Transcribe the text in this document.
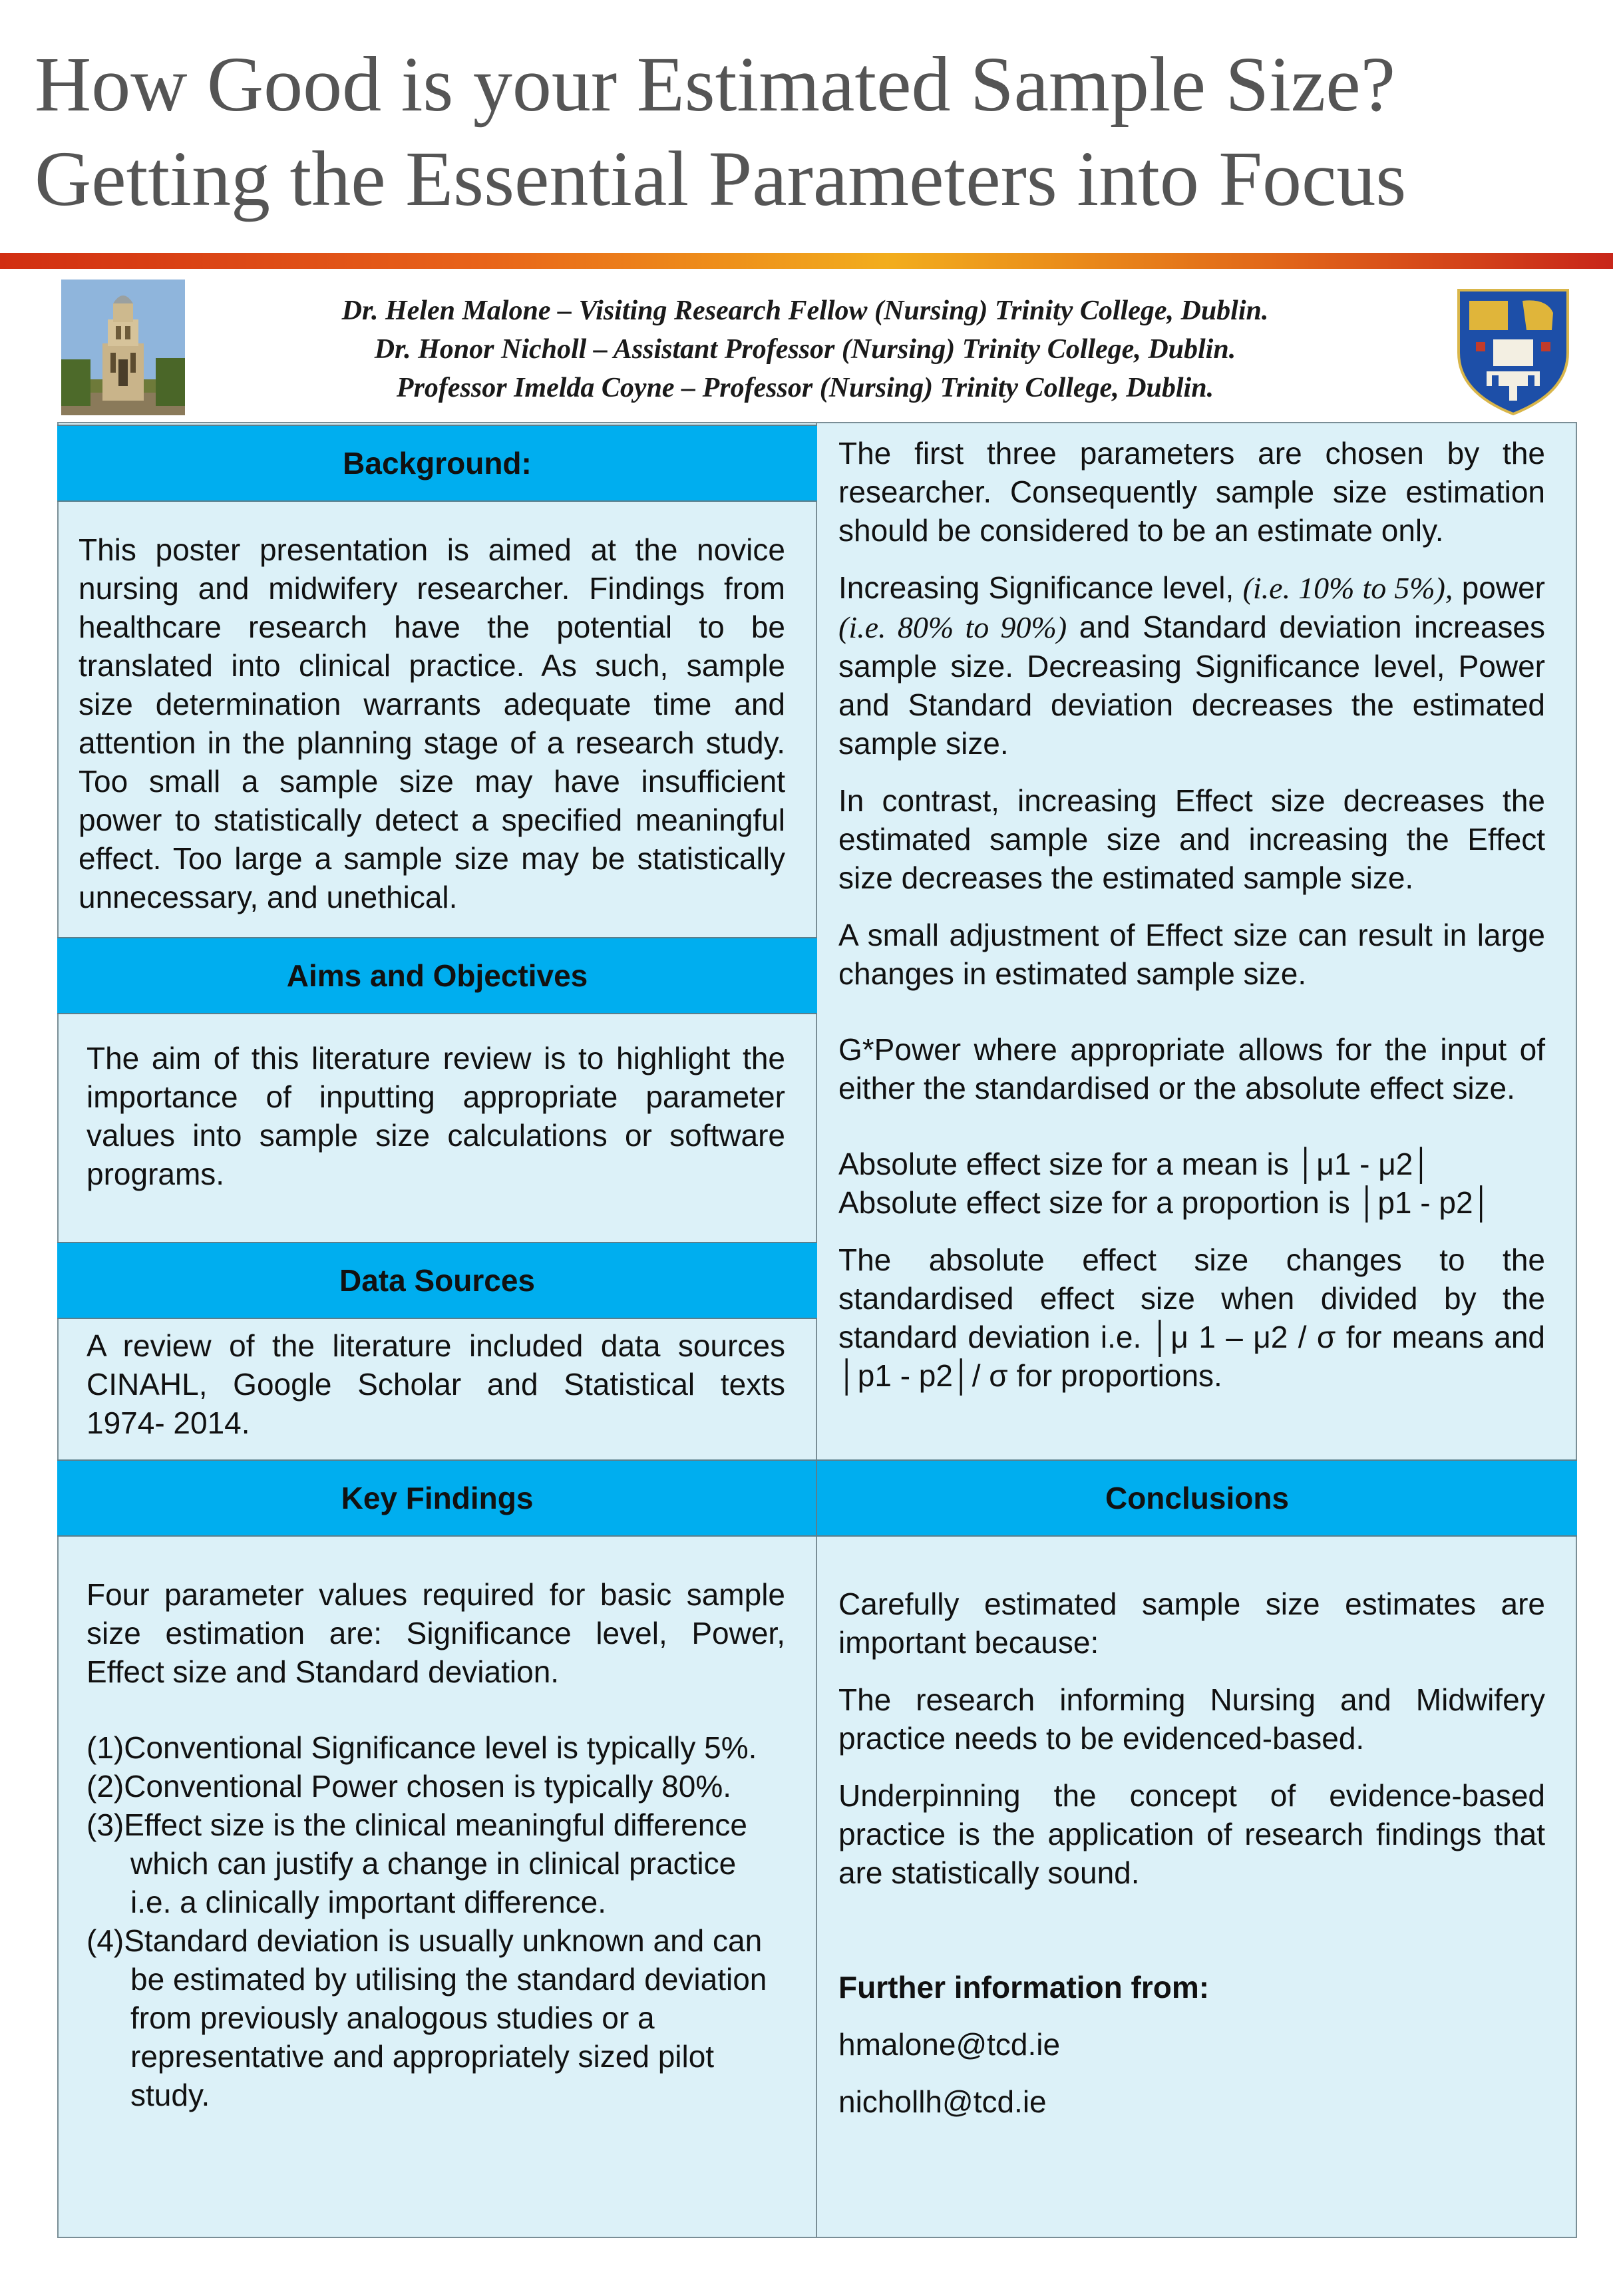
How Good is your Estimated Sample Size?
Getting the Essential Parameters into Focus
Dr. Helen Malone – Visiting Research Fellow (Nursing) Trinity College, Dublin.
Dr. Honor Nicholl – Assistant Professor (Nursing) Trinity College, Dublin.
Professor Imelda Coyne – Professor (Nursing) Trinity College, Dublin.
Background:

This poster presentation is aimed at the novice nursing and midwifery researcher. Findings from healthcare research have the potential to be translated into clinical practice. As such, sample size determination warrants adequate time and attention in the planning stage of a research study. Too small a sample size may have insufficient power to statistically detect a specified meaningful effect. Too large a sample size may be statistically unnecessary, and unethical.

Aims and Objectives

The aim of this literature review is to highlight the importance of inputting appropriate parameter values into sample size calculations or software programs.

Data Sources

A review of the literature included data sources CINAHL, Google Scholar and Statistical texts 1974- 2014.

The first three parameters are chosen by the researcher. Consequently sample size estimation should be considered to be an estimate only.

Increasing Significance level, (i.e. 10% to 5%), power (i.e. 80% to 90%) and Standard deviation increases sample size. Decreasing Significance level, Power and Standard deviation decreases the estimated sample size.

In contrast, increasing Effect size decreases the estimated sample size and increasing the Effect size decreases the estimated sample size.

A small adjustment of Effect size can result in large changes in estimated sample size.

G*Power where appropriate allows for the input of either the standardised or the absolute effect size.

Absolute effect size for a mean is │μ1 - μ2│

Absolute effect size for a proportion is │p1 - p2│

The absolute effect size changes to the standardised effect size when divided by the standard deviation i.e. │μ 1 – μ2 / σ for means and │p1 - p2│/ σ for proportions.

Key Findings	Conclusions

Four parameter values required for basic sample size estimation are: Significance level, Power, Effect size and Standard deviation.

(1)Conventional Significance level is typically 5%.

(2)Conventional Power chosen is typically 80%.

(3)Effect size is the clinical meaningful difference which can justify a change in clinical practice i.e. a clinically important difference.

(4)Standard deviation is usually unknown and can be estimated by utilising the standard deviation from previously analogous studies or a representative and appropriately sized pilot study.

Carefully estimated sample size estimates are important because:

The research informing Nursing and Midwifery practice needs to be evidenced-based.

Underpinning the concept of evidence-based practice is the application of research findings that are statistically sound.

Further information from:

hmalone@tcd.ie

nichollh@tcd.ie
